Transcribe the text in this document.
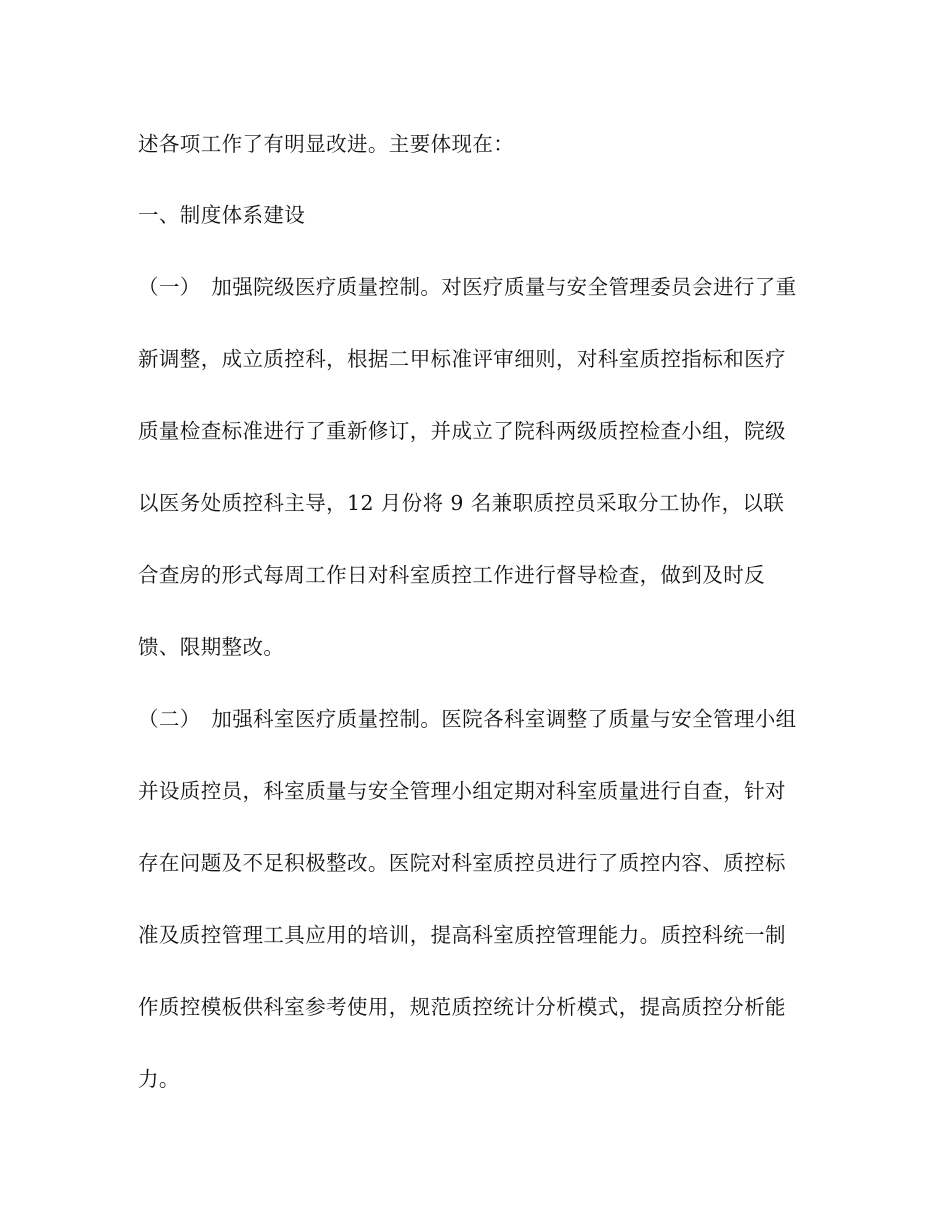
述各项工作了有明显改进。主要体现在：
一、制度体系建设
（一）　加强院级医疗质量控制。对医疗质量与安全管理委员会进行了重
新调整，成立质控科，根据二甲标准评审细则，对科室质控指标和医疗
质量检查标准进行了重新修订，并成立了院科两级质控检查小组，院级
以医务处质控科主导，12 月份将 9 名兼职质控员采取分工协作，以联
合查房的形式每周工作日对科室质控工作进行督导检查，做到及时反
馈、限期整改。
（二）　加强科室医疗质量控制。医院各科室调整了质量与安全管理小组
并设质控员，科室质量与安全管理小组定期对科室质量进行自查，针对
存在问题及不足积极整改。医院对科室质控员进行了质控内容、质控标
准及质控管理工具应用的培训，提高科室质控管理能力。质控科统一制
作质控模板供科室参考使用，规范质控统计分析模式，提高质控分析能
力。
